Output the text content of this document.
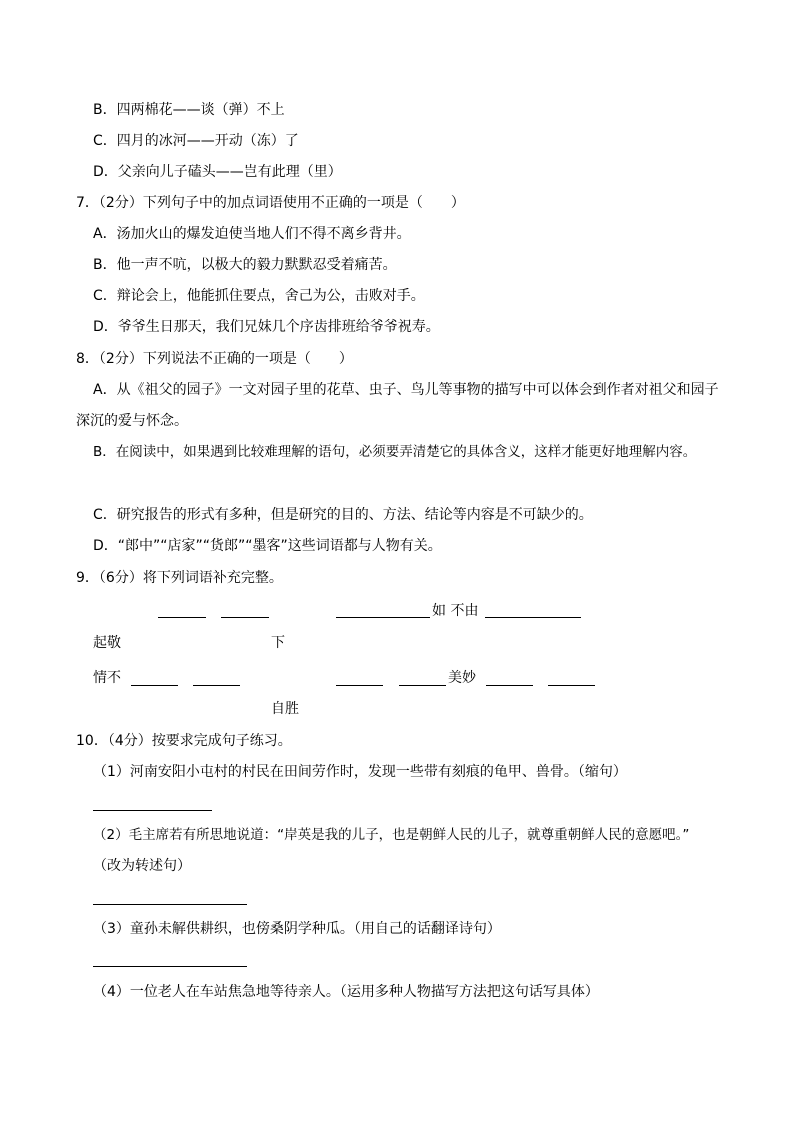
B．四两棉花——谈（弹）不上
C．四月的冰河——开动（冻）了
D．父亲向儿子磕头——岂有此理（里）
7．（2分）下列句子中的加点词语使用不正确的一项是（　　）
A．汤加火山的爆发迫使当地人们不得不离乡背井。
B．他一声不吭，以极大的毅力默默忍受着痛苦。
C．辩论会上，他能抓住要点，舍己为公，击败对手。
D．爷爷生日那天，我们兄妹几个序齿排班给爷爷祝寿。
8．（2分）下列说法不正确的一项是（　　）
A．从《祖父的园子》一文对园子里的花草、虫子、鸟儿等事物的描写中可以体会到作者对祖父和园子
深沉的爱与怀念。
B．在阅读中，如果遇到比较难理解的语句，必须要弄清楚它的具体含义，这样才能更好地理解内容。
C．研究报告的形式有多种，但是研究的目的、方法、结论等内容是不可缺少的。
D．“郎中”“店家”“货郎”“墨客”这些词语都与人物有关。
9．（6分）将下列词语补充完整。
如 不由
起敬	下
情不	美妙
自胜
10．（4分）按要求完成句子练习。
（1）河南安阳小屯村的村民在田间劳作时，发现一些带有刻痕的龟甲、兽骨。（缩句）
（2）毛主席若有所思地说道：“岸英是我的儿子，也是朝鲜人民的儿子，就尊重朝鲜人民的意愿吧。”
（改为转述句）
（3）童孙未解供耕织，也傍桑阴学种瓜。（用自己的话翻译诗句）
（4）一位老人在车站焦急地等待亲人。（运用多种人物描写方法把这句话写具体）
